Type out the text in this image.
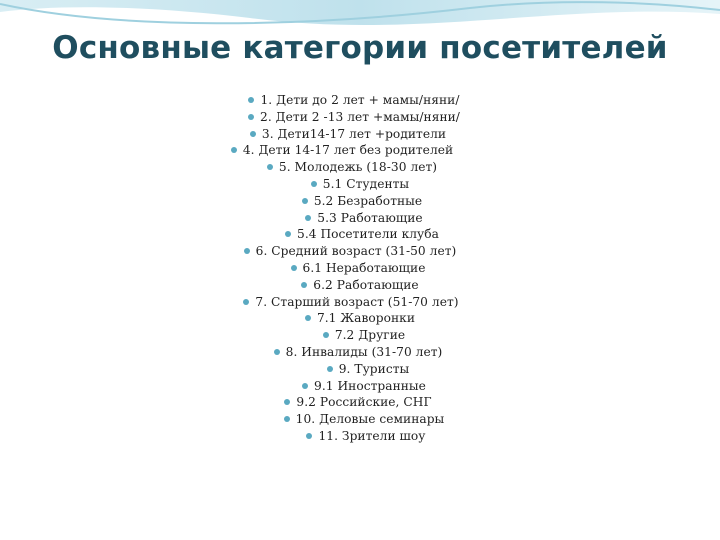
Основные категории посетителей
1. Дети до 2 лет + мамы/няни/
2. Дети 2 -13 лет +мамы/няни/
3. Дети14-17 лет +родители
4. Дети 14-17 лет без родителей
5. Молодежь (18-30 лет)
5.1 Студенты
5.2 Безработные
5.3 Работающие
5.4 Посетители клуба
6. Средний возраст (31-50 лет)
6.1 Неработающие
6.2 Работающие
7. Старший возраст (51-70 лет)
7.1 Жаворонки
7.2 Другие
8. Инвалиды (31-70 лет)
9. Туристы
9.1 Иностранные
9.2 Российские, СНГ
10. Деловые семинары
11. Зрители шоу
